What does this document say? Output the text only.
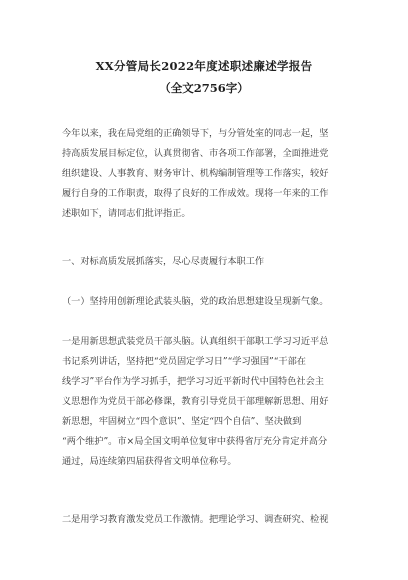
XX分管局长2022年度述职述廉述学报告
（全文2756字）
今年以来，我在局党组的正确领导下，与分管处室的同志一起，坚
持高质发展目标定位，认真贯彻省、市各项工作部署，全面推进党
组织建设、人事教育、财务审计、机构编制管理等工作落实，较好
履行自身的工作职责，取得了良好的工作成效。现将一年来的工作
述职如下，请同志们批评指正。
一、对标高质发展抓落实，尽心尽责履行本职工作
（一）坚持用创新理论武装头脑，党的政治思想建设呈现新气象。
一是用新思想武装党员干部头脑。认真组织干部职工学习习近平总
书记系列讲话，坚持把“党员固定学习日”“学习强国”“干部在
线学习”平台作为学习抓手，把学习习近平新时代中国特色社会主
义思想作为党员干部必修课，教育引导党员干部理解新思想、用好
新思想，牢固树立“四个意识”、坚定“四个自信”、坚决做到
“两个维护”。市×局全国文明单位复审中获得省厅充分肯定并高分
通过，局连续第四届获得省文明单位称号。
二是用学习教育激发党员工作激情。把理论学习、调查研究、检视
